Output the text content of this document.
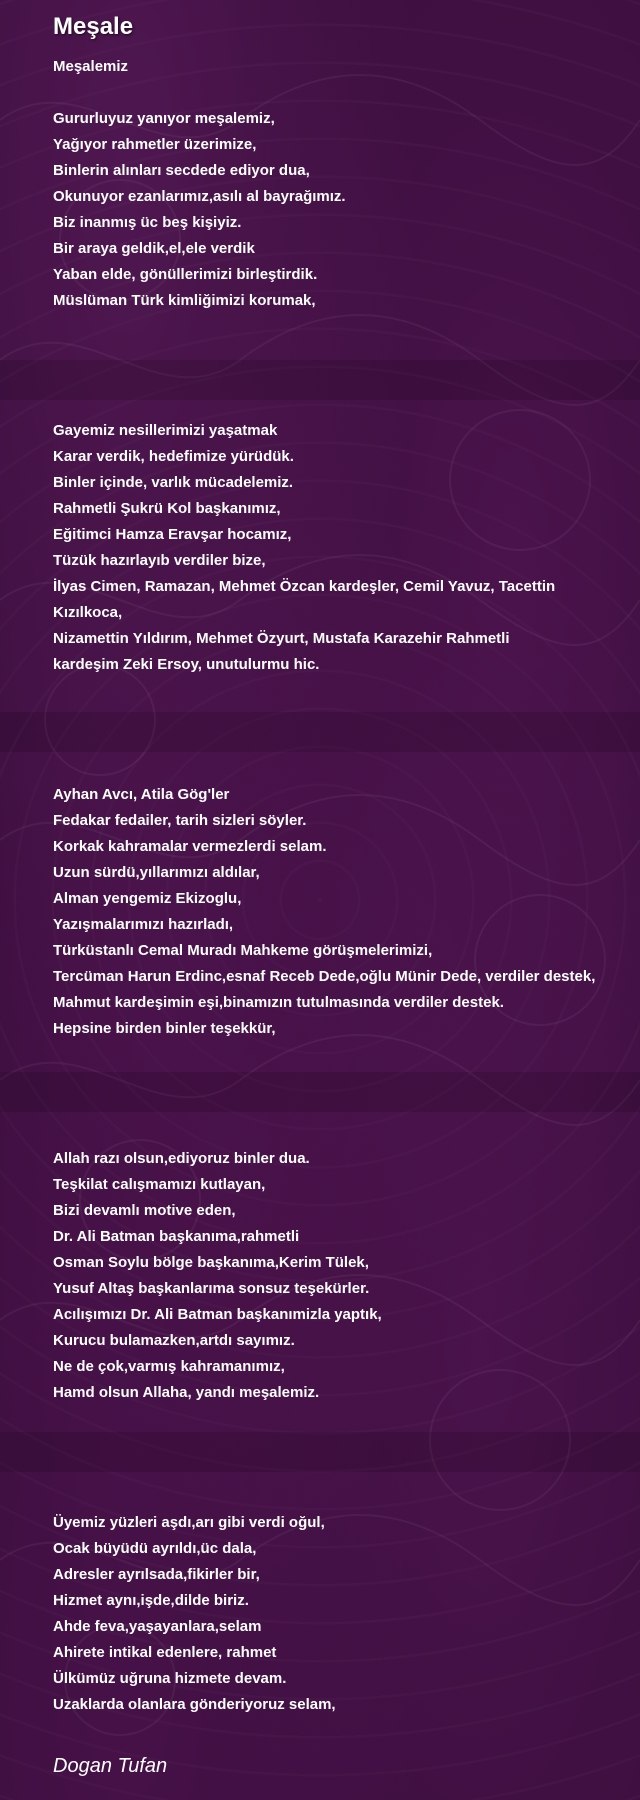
Meşale
Meşalemiz
Gururluyuz yanıyor meşalemiz,
Yağıyor rahmetler üzerimize,
Binlerin alınları secdede ediyor dua,
Okunuyor ezanlarımız,asılı al bayrağımız.
Biz inanmış üc beş kişiyiz.
Bir araya geldik,el,ele verdik
Yaban elde, gönüllerimizi birleştirdik.
Müslüman Türk kimliğimizi korumak,
Gayemiz nesillerimizi yaşatmak
Karar verdik, hedefimize yürüdük.
Binler içinde, varlık mücadelemiz.
Rahmetli Şukrü Kol başkanımız,
Eğitimci Hamza Eravşar hocamız,
Tüzük hazırlayıb verdiler bize,
İlyas Cimen, Ramazan, Mehmet Özcan kardeşler, Cemil Yavuz, Tacettin
Kızılkoca,
Nizamettin Yıldırım, Mehmet Özyurt, Mustafa Karazehir Rahmetli
kardeşim Zeki Ersoy, unutulurmu hic.
Ayhan Avcı, Atila Gög'ler
Fedakar fedailer, tarih sizleri söyler.
Korkak kahramalar vermezlerdi selam.
Uzun sürdü,yıllarımızı aldılar,
Alman yengemiz Ekizoglu,
Yazışmalarımızı hazırladı,
Türküstanlı Cemal Muradı Mahkeme görüşmelerimizi,
Tercüman Harun Erdinc,esnaf Receb Dede,oğlu Münir Dede, verdiler destek,
Mahmut kardeşimin eşi,binamızın tutulmasında verdiler destek.
Hepsine birden binler teşekkür,
Allah razı olsun,ediyoruz binler dua.
Teşkilat calışmamızı kutlayan,
Bizi devamlı motive eden,
Dr. Ali Batman başkanıma,rahmetli
Osman Soylu bölge başkanıma,Kerim Tülek,
Yusuf Altaş başkanlarıma sonsuz teşekürler.
Acılışımızı Dr. Ali Batman başkanımizla yaptık,
Kurucu bulamazken,artdı sayımız.
Ne de çok,varmış kahramanımız,
Hamd olsun Allaha, yandı meşalemiz.
Üyemiz yüzleri aşdı,arı gibi verdi oğul,
Ocak büyüdü ayrıldı,üc dala,
Adresler ayrılsada,fikirler bir,
Hizmet aynı,işde,dilde biriz.
Ahde feva,yaşayanlara,selam
Ahirete intikal edenlere, rahmet
Ülkümüz uğruna hizmete devam.
Uzaklarda olanlara gönderiyoruz selam,
Dogan Tufan
